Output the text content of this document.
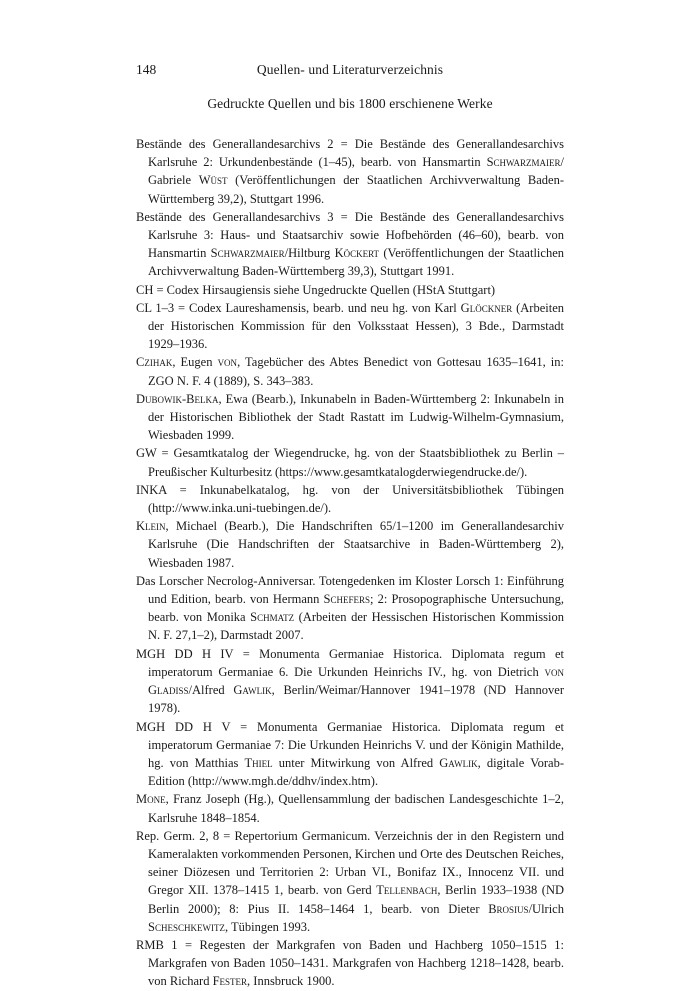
148	Quellen- und Literaturverzeichnis
Gedruckte Quellen und bis 1800 erschienene Werke

Bestände des Generallandesarchivs 2 = Die Bestände des Generallandesarchivs Karlsruhe 2: Urkundenbestände (1–45), bearb. von Hansmartin Schwarzmaier/ Gabriele Wüst (Veröffentlichungen der Staatlichen Archivverwaltung Baden-Württemberg 39,2), Stuttgart 1996.

Bestände des Generallandesarchivs 3 = Die Bestände des Generallandesarchivs Karlsruhe 3: Haus- und Staatsarchiv sowie Hofbehörden (46–60), bearb. von Hansmartin Schwarzmaier/Hiltburg Köckert (Veröffentlichungen der Staatlichen Archivverwaltung Baden-Württemberg 39,3), Stuttgart 1991.

CH = Codex Hirsaugiensis siehe Ungedruckte Quellen (HStA Stuttgart)

CL 1–3 = Codex Laureshamensis, bearb. und neu hg. von Karl Glöckner (Arbeiten der Historischen Kommission für den Volksstaat Hessen), 3 Bde., Darmstadt 1929–1936.

Czihak, Eugen von, Tagebücher des Abtes Benedict von Gottesau 1635–1641, in: ZGO N. F. 4 (1889), S. 343–383.

Dubowik-Belka, Ewa (Bearb.), Inkunabeln in Baden-Württemberg 2: Inkunabeln in der Historischen Bibliothek der Stadt Rastatt im Ludwig-Wilhelm-Gymnasium, Wiesbaden 1999.

GW = Gesamtkatalog der Wiegendrucke, hg. von der Staatsbibliothek zu Berlin – Preußischer Kulturbesitz (https://www.gesamtkatalogderwiegendrucke.de/).

INKA = Inkunabelkatalog, hg. von der Universitätsbibliothek Tübingen (http://www.inka.uni-tuebingen.de/).

Klein, Michael (Bearb.), Die Handschriften 65/1–1200 im Generallandesarchiv Karlsruhe (Die Handschriften der Staatsarchive in Baden-Württemberg 2), Wiesbaden 1987.

Das Lorscher Necrolog-Anniversar. Totengedenken im Kloster Lorsch 1: Einführung und Edition, bearb. von Hermann Schefers; 2: Prosopographische Untersuchung, bearb. von Monika Schmatz (Arbeiten der Hessischen Historischen Kommission N. F. 27,1–2), Darmstadt 2007.

MGH DD H IV = Monumenta Germaniae Historica. Diplomata regum et imperatorum Germaniae 6. Die Urkunden Heinrichs IV., hg. von Dietrich von Gladiss/Alfred Gawlik, Berlin/Weimar/Hannover 1941–1978 (ND Hannover 1978).

MGH DD H V = Monumenta Germaniae Historica. Diplomata regum et imperatorum Germaniae 7: Die Urkunden Heinrichs V. und der Königin Mathilde, hg. von Matthias Thiel unter Mitwirkung von Alfred Gawlik, digitale Vorab-Edition (http://www.mgh.de/ddhv/index.htm).

Mone, Franz Joseph (Hg.), Quellensammlung der badischen Landesgeschichte 1–2, Karlsruhe 1848–1854.

Rep. Germ. 2, 8 = Repertorium Germanicum. Verzeichnis der in den Registern und Kameralakten vorkommenden Personen, Kirchen und Orte des Deutschen Reiches, seiner Diözesen und Territorien 2: Urban VI., Bonifaz IX., Innocenz VII. und Gregor XII. 1378–1415 1, bearb. von Gerd Tellenbach, Berlin 1933–1938 (ND Berlin 2000); 8: Pius II. 1458–1464 1, bearb. von Dieter Brosius/Ulrich Scheschkewitz, Tübingen 1993.

RMB 1 = Regesten der Markgrafen von Baden und Hachberg 1050–1515 1: Markgrafen von Baden 1050–1431. Markgrafen von Hachberg 1218–1428, bearb. von Richard Fester, Innsbruck 1900.
